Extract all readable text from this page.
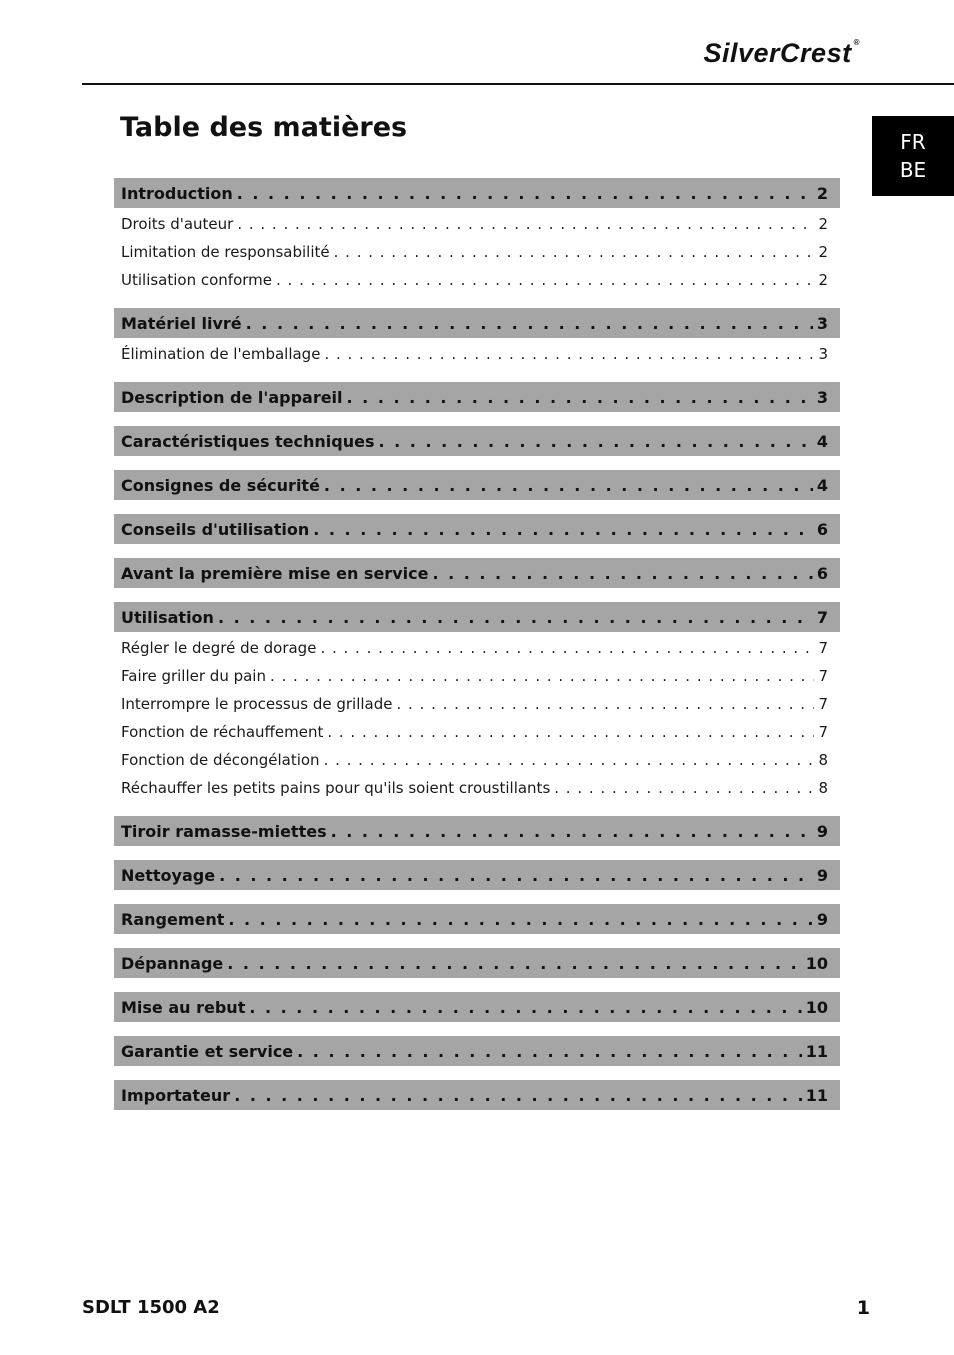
SilverCrest ®
Table des matières	FR
BE
Introduction . . .	2
Droits d'auteur . . .	2
Limitation de responsabilité . . .	2
Utilisation conforme . . .	2
Matériel livré . . .	3
Élimination de l'emballage . . .	3
Description de l'appareil . . .	3
Caractéristiques techniques . . .	4
Consignes de sécurité . . .	4
Conseils d'utilisation . . .	6
Avant la première mise en service . . .	6
Utilisation . . .	7
Régler le degré de dorage . . .	7
Faire griller du pain . . .	7
Interrompre le processus de grillade . . .	7
Fonction de réchauffement . . .	7
Fonction de décongélation . . .	8
Réchauffer les petits pains pour qu'ils soient croustillants . . .	8
Tiroir ramasse-miettes . . .	9
Nettoyage . . .	9
Rangement . . .	9
Dépannage . . .	10
Mise au rebut . . .	10
Garantie et service . . .	11
Importateur . . .	11
SDLT 1500 A2	1
